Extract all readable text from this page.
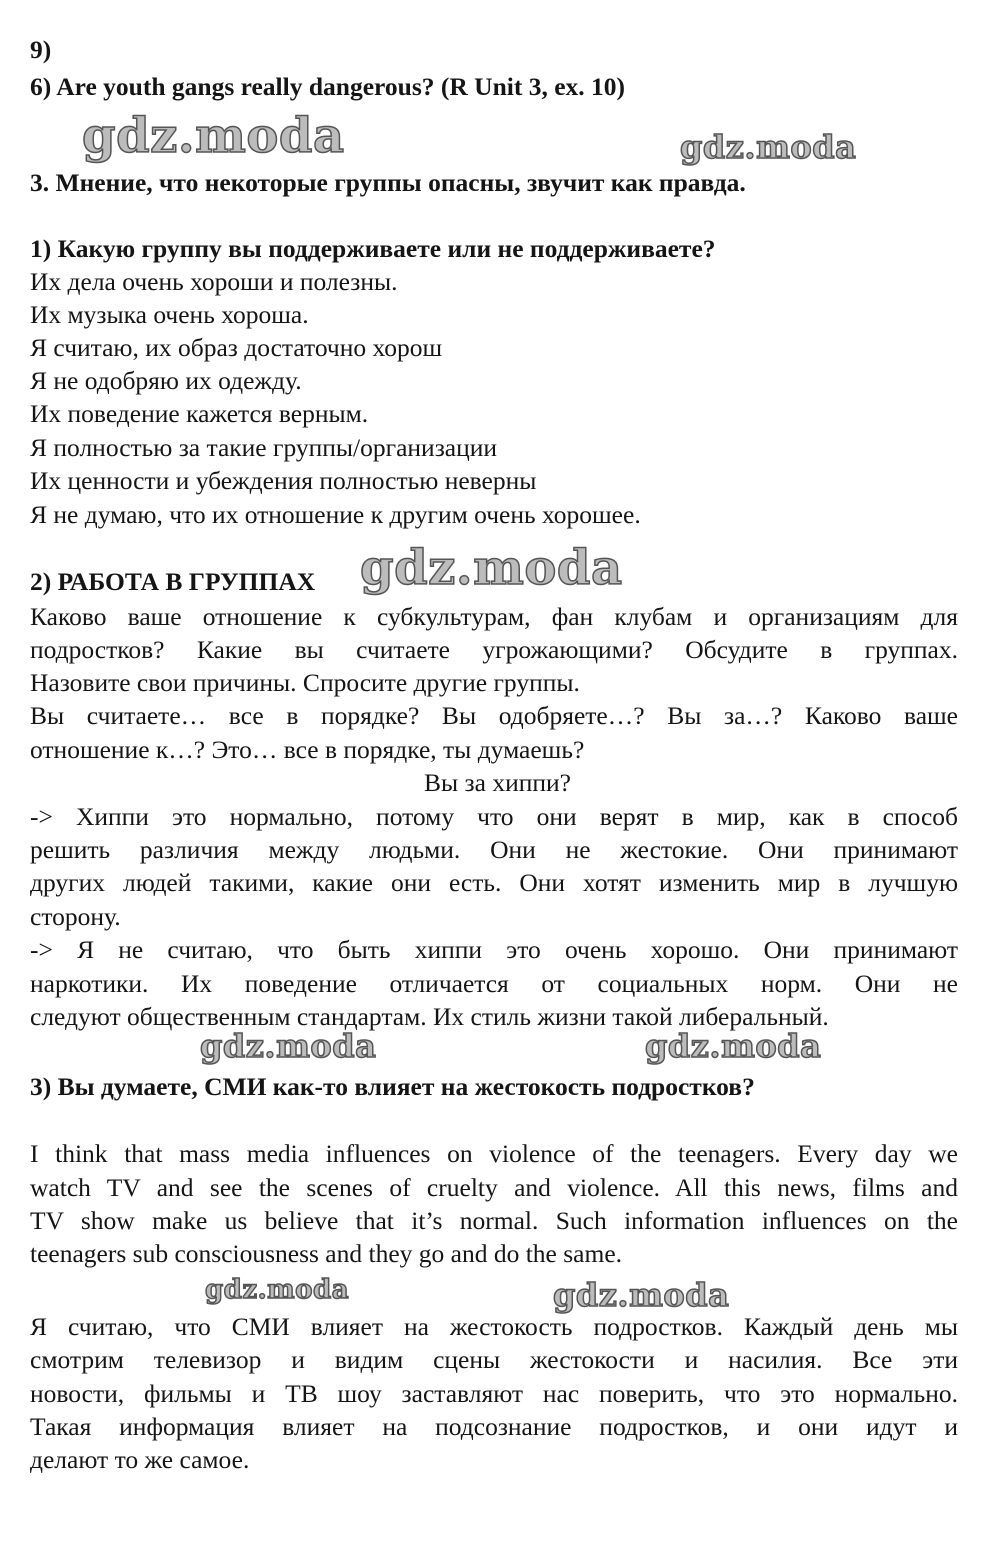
9)
6) Are youth gangs really dangerous? (R Unit 3, ex. 10)
gdz.moda	gdz.moda
3. Мнение, что некоторые группы опасны, звучит как правда.
1) Какую группу вы поддерживаете или не поддерживаете?
Их дела очень хороши и полезны.
Их музыка очень хороша.
Я считаю, их образ достаточно хорош
Я не одобряю их одежду.
Их поведение кажется верным.
Я полностью за такие группы/организации
Их ценности и убеждения полностью неверны
Я не думаю, что их отношение к другим очень хорошее.
2) РАБОТА В ГРУППАХ gdz.moda
Каково ваше отношение к субкультурам, фан клубам и организациям для
подростков? Какие вы считаете угрожающими? Обсудите в группах.
Назовите свои причины. Спросите другие группы.
Вы считаете… все в порядке? Вы одобряете…? Вы за…? Каково ваше
отношение к…? Это… все в порядке, ты думаешь?
Вы за хиппи?
-> Хиппи это нормально, потому что они верят в мир, как в способ
решить различия между людьми. Они не жестокие. Они принимают
других людей такими, какие они есть. Они хотят изменить мир в лучшую
сторону.
-> Я не считаю, что быть хиппи это очень хорошо. Они принимают
наркотики. Их поведение отличается от социальных норм. Они не
следуют общественным стандартам. Их стиль жизни такой либеральный.
gdz.moda	gdz.moda
3) Вы думаете, СМИ как-то влияет на жестокость подростков?
I think that mass media influences on violence of the teenagers. Every day we
watch TV and see the scenes of cruelty and violence. All this news, films and
TV show make us believe that it’s normal. Such information influences on the
teenagers sub consciousness and they go and do the same.
gdz.moda	gdz.moda
Я считаю, что СМИ влияет на жестокость подростков. Каждый день мы
смотрим телевизор и видим сцены жестокости и насилия. Все эти
новости, фильмы и ТВ шоу заставляют нас поверить, что это нормально.
Такая информация влияет на подсознание подростков, и они идут и
делают то же самое.
